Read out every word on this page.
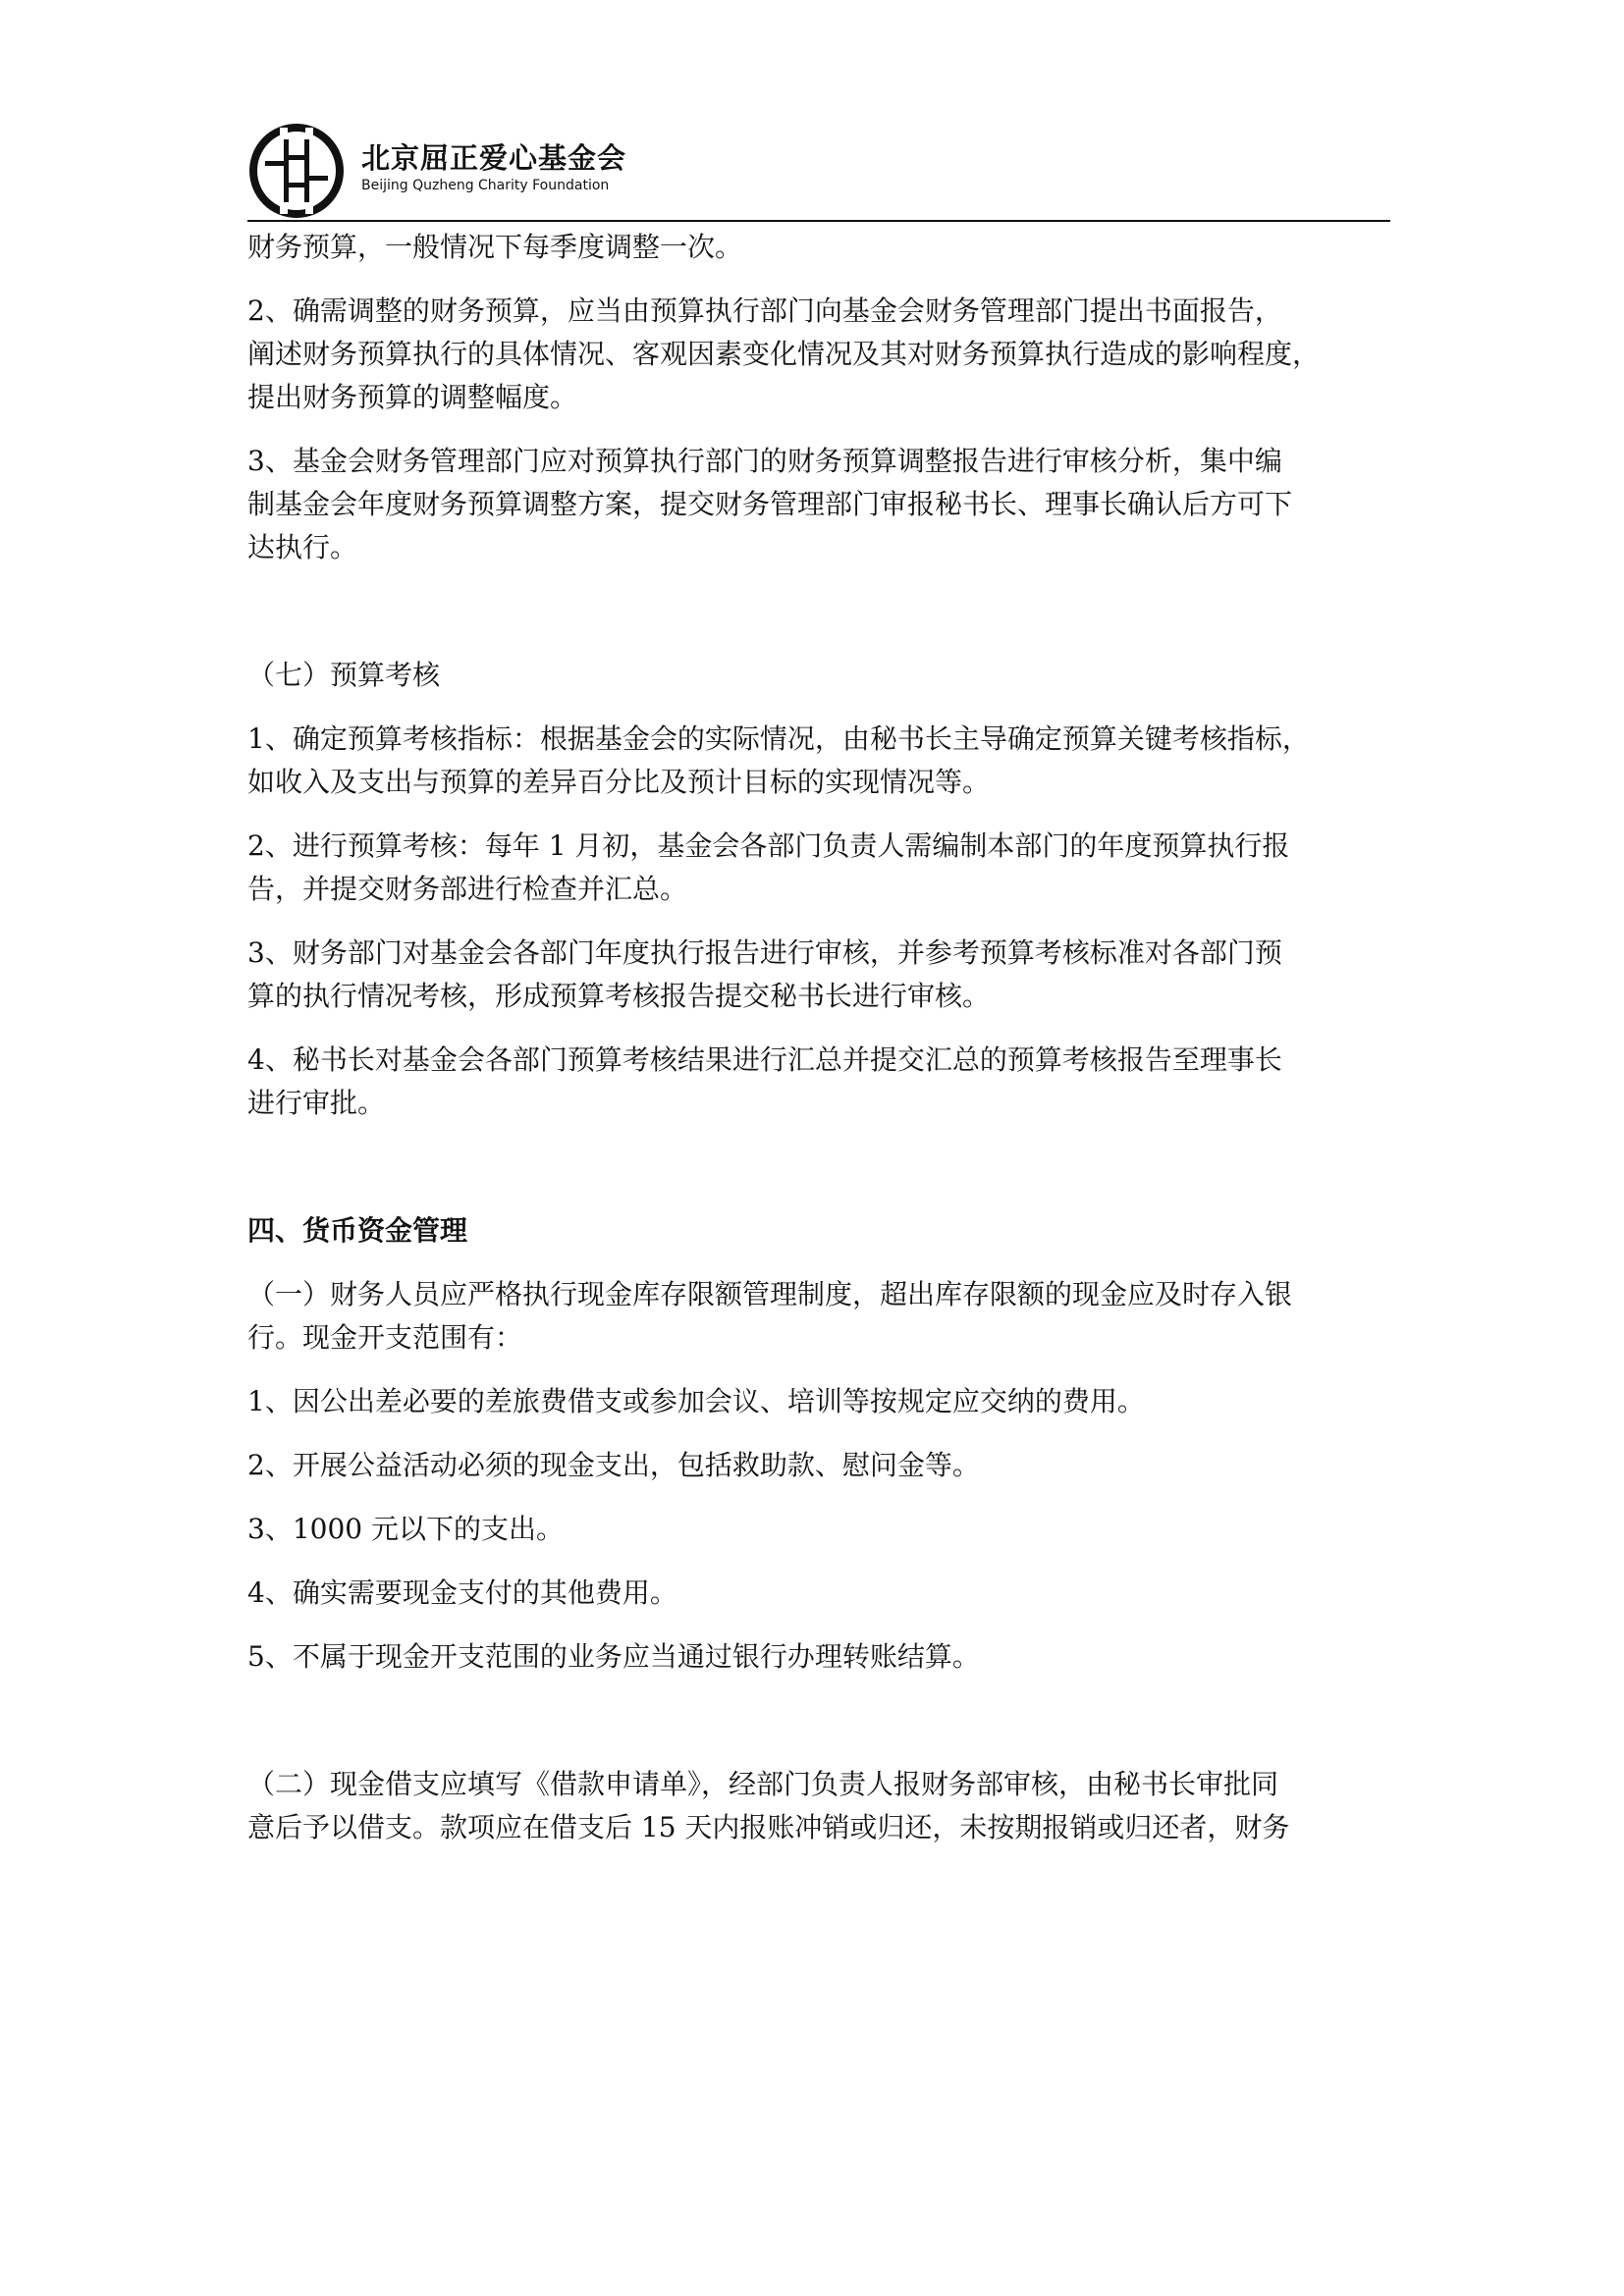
北京屈正爱心基金会
Beijing Quzheng Charity Foundation
财务预算，一般情况下每季度调整一次。
2、确需调整的财务预算，应当由预算执行部门向基金会财务管理部门提出书面报告，
阐述财务预算执行的具体情况、客观因素变化情况及其对财务预算执行造成的影响程度，
提出财务预算的调整幅度。
3、基金会财务管理部门应对预算执行部门的财务预算调整报告进行审核分析，集中编
制基金会年度财务预算调整方案，提交财务管理部门审报秘书长、理事长确认后方可下
达执行。
（七）预算考核
1、确定预算考核指标：根据基金会的实际情况，由秘书长主导确定预算关键考核指标，
如收入及支出与预算的差异百分比及预计目标的实现情况等。
2、进行预算考核：每年 1 月初，基金会各部门负责人需编制本部门的年度预算执行报
告，并提交财务部进行检查并汇总。
3、财务部门对基金会各部门年度执行报告进行审核，并参考预算考核标准对各部门预
算的执行情况考核，形成预算考核报告提交秘书长进行审核。
4、秘书长对基金会各部门预算考核结果进行汇总并提交汇总的预算考核报告至理事长
进行审批。
四、货币资金管理
（一）财务人员应严格执行现金库存限额管理制度，超出库存限额的现金应及时存入银
行。现金开支范围有：
1、因公出差必要的差旅费借支或参加会议、培训等按规定应交纳的费用。
2、开展公益活动必须的现金支出，包括救助款、慰问金等。
3、1000 元以下的支出。
4、确实需要现金支付的其他费用。
5、不属于现金开支范围的业务应当通过银行办理转账结算。
（二）现金借支应填写《借款申请单》，经部门负责人报财务部审核，由秘书长审批同
意后予以借支。款项应在借支后 15 天内报账冲销或归还，未按期报销或归还者，财务
